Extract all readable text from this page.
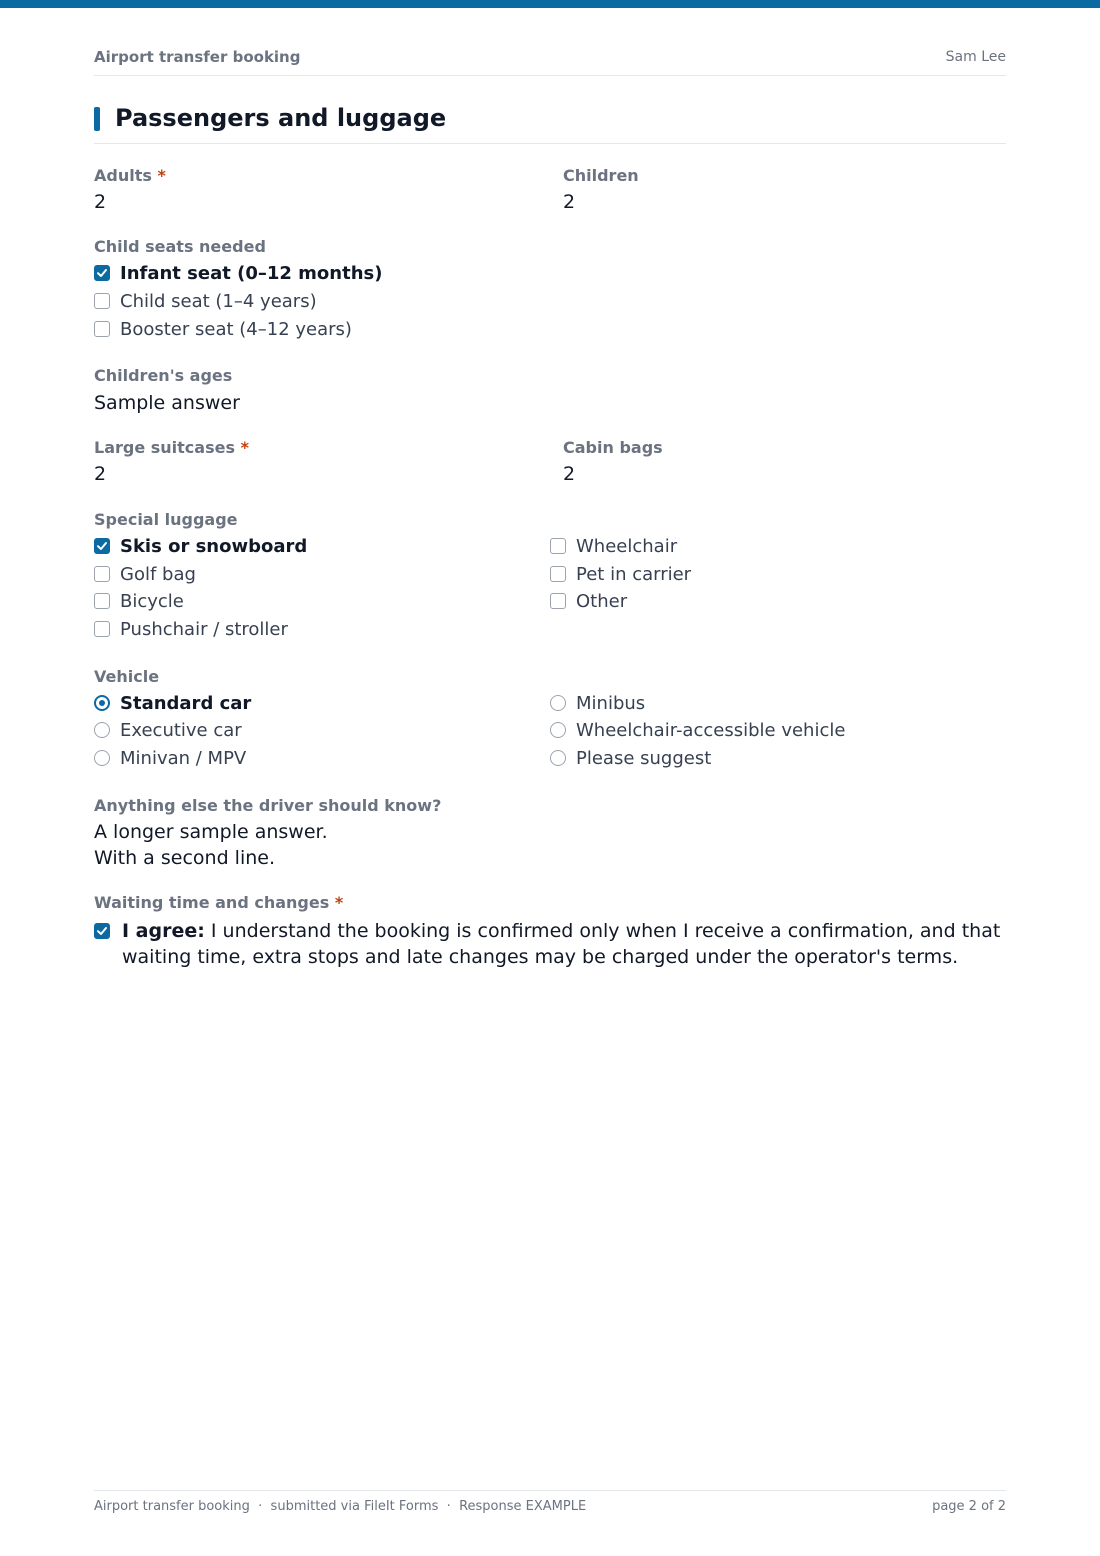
Airport transfer booking	Sam Lee
Passengers and luggage
Adults *
2
Children
2
Child seats needed
Infant seat (0–12 months)
Child seat (1–4 years)
Booster seat (4–12 years)
Children's ages
Sample answer
Large suitcases *
2
Cabin bags
2
Special luggage
Skis or snowboard
Golf bag
Bicycle
Pushchair / stroller
Wheelchair
Pet in carrier
Other
Vehicle
Standard car
Executive car
Minivan / MPV
Minibus
Wheelchair-accessible vehicle
Please suggest
Anything else the driver should know?
A longer sample answer.
With a second line.
Waiting time and changes *
I agree: I understand the booking is confirmed only when I receive a confirmation, and that waiting time, extra stops and late changes may be charged under the operator's terms.
Airport transfer booking  ·  submitted via FileIt Forms  ·  Response EXAMPLE	page 2 of 2
